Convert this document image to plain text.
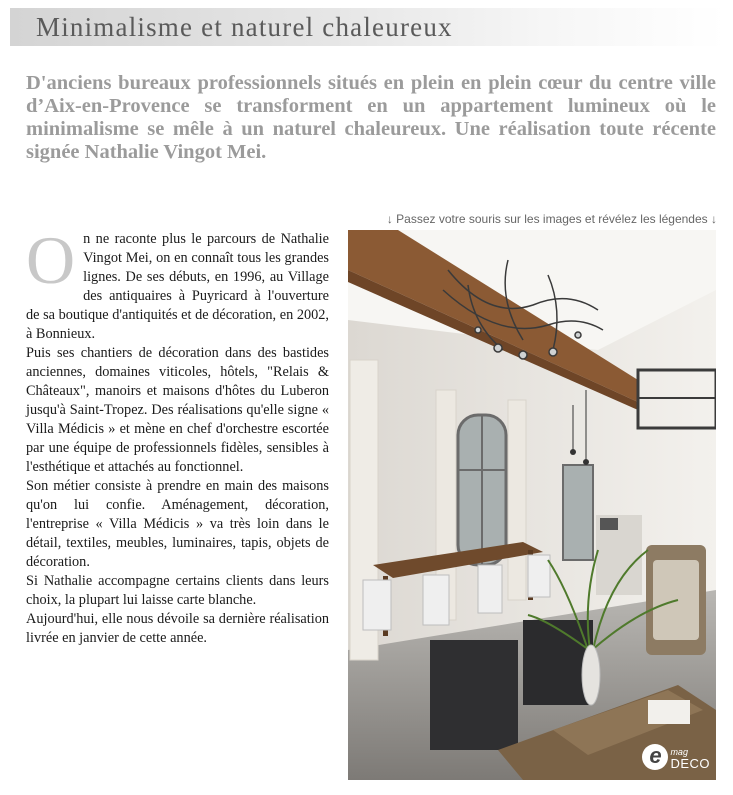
Minimalisme et naturel chaleureux
D'anciens bureaux professionnels situés en plein en plein cœur du centre ville d’Aix-en-Provence se transforment en un appartement lumineux où le minimalisme se mêle à un naturel chaleureux. Une réalisation toute récente signée Nathalie Vingot Mei.
↓ Passez votre souris sur les images et révélez les légendes ↓
O n ne raconte plus le parcours de Nathalie Vingot Mei, on en connaît tous les grandes lignes. De ses débuts, en 1996, au Village des antiquaires à Puyricard à l'ouverture de sa boutique d'antiquités et de décoration, en 2002, à Bonnieux.

Puis ses chantiers de décoration dans des bastides anciennes, domaines viticoles, hôtels, "Relais & Châteaux", manoirs et maisons d'hôtes du Luberon jusqu'à Saint-Tropez. Des réalisations qu'elle signe « Villa Médicis » et mène en chef d'orchestre escortée par une équipe de professionnels fidèles, sensibles à l'esthétique et attachés au fonctionnel.

Son métier consiste à prendre en main des maisons qu'on lui confie. Aménagement, décoration, l'entreprise « Villa Médicis » va très loin dans le détail, textiles, meubles, luminaires, tapis, objets de décoration.

Si Nathalie accompagne certains clients dans leurs choix, la plupart lui laisse carte blanche.

Aujourd'hui, elle nous dévoile sa dernière réalisation livrée en janvier de cette année.

e mag
DECO
